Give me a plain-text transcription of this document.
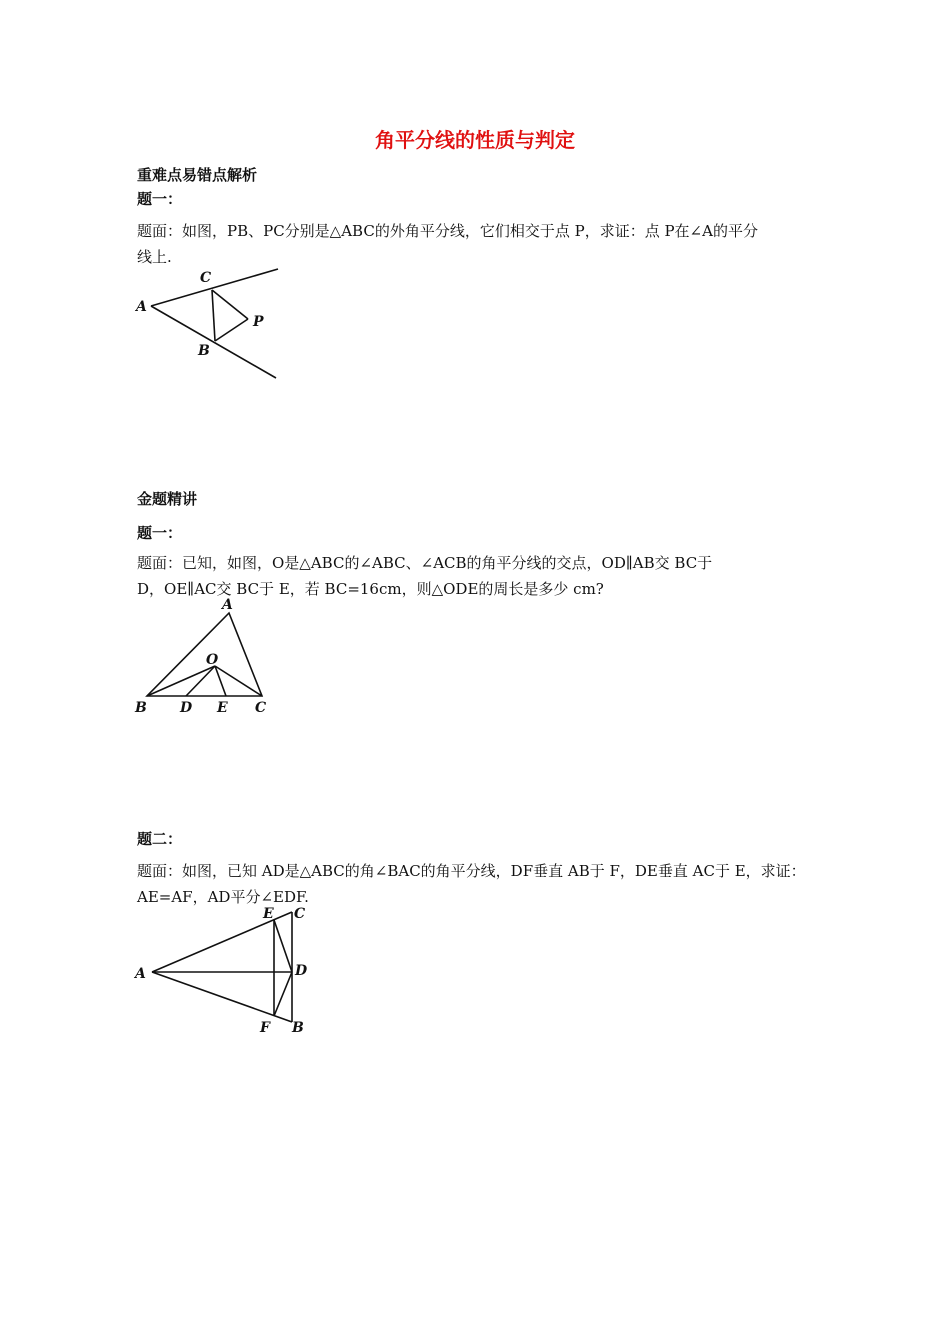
角平分线的性质与判定
重难点易错点解析
题一：
题面：如图，PB、PC分别是△ABC的外角平分线，它们相交于点 P，求证：点 P在∠A的平分
线上.
A
C
P
B
金题精讲
题一：
题面：已知，如图，O是△ABC的∠ABC、∠ACB的角平分线的交点，OD∥AB交 BC于
D，OE∥AC交 BC于 E，若 BC=16cm，则△ODE的周长是多少 cm?
A
O
B D E C
题二：
题面：如图，已知 AD是△ABC的角∠BAC的角平分线，DF垂直 AB于 F，DE垂直 AC于 E，求证：
AE=AF，AD平分∠EDF.
A
E C
D
F B
